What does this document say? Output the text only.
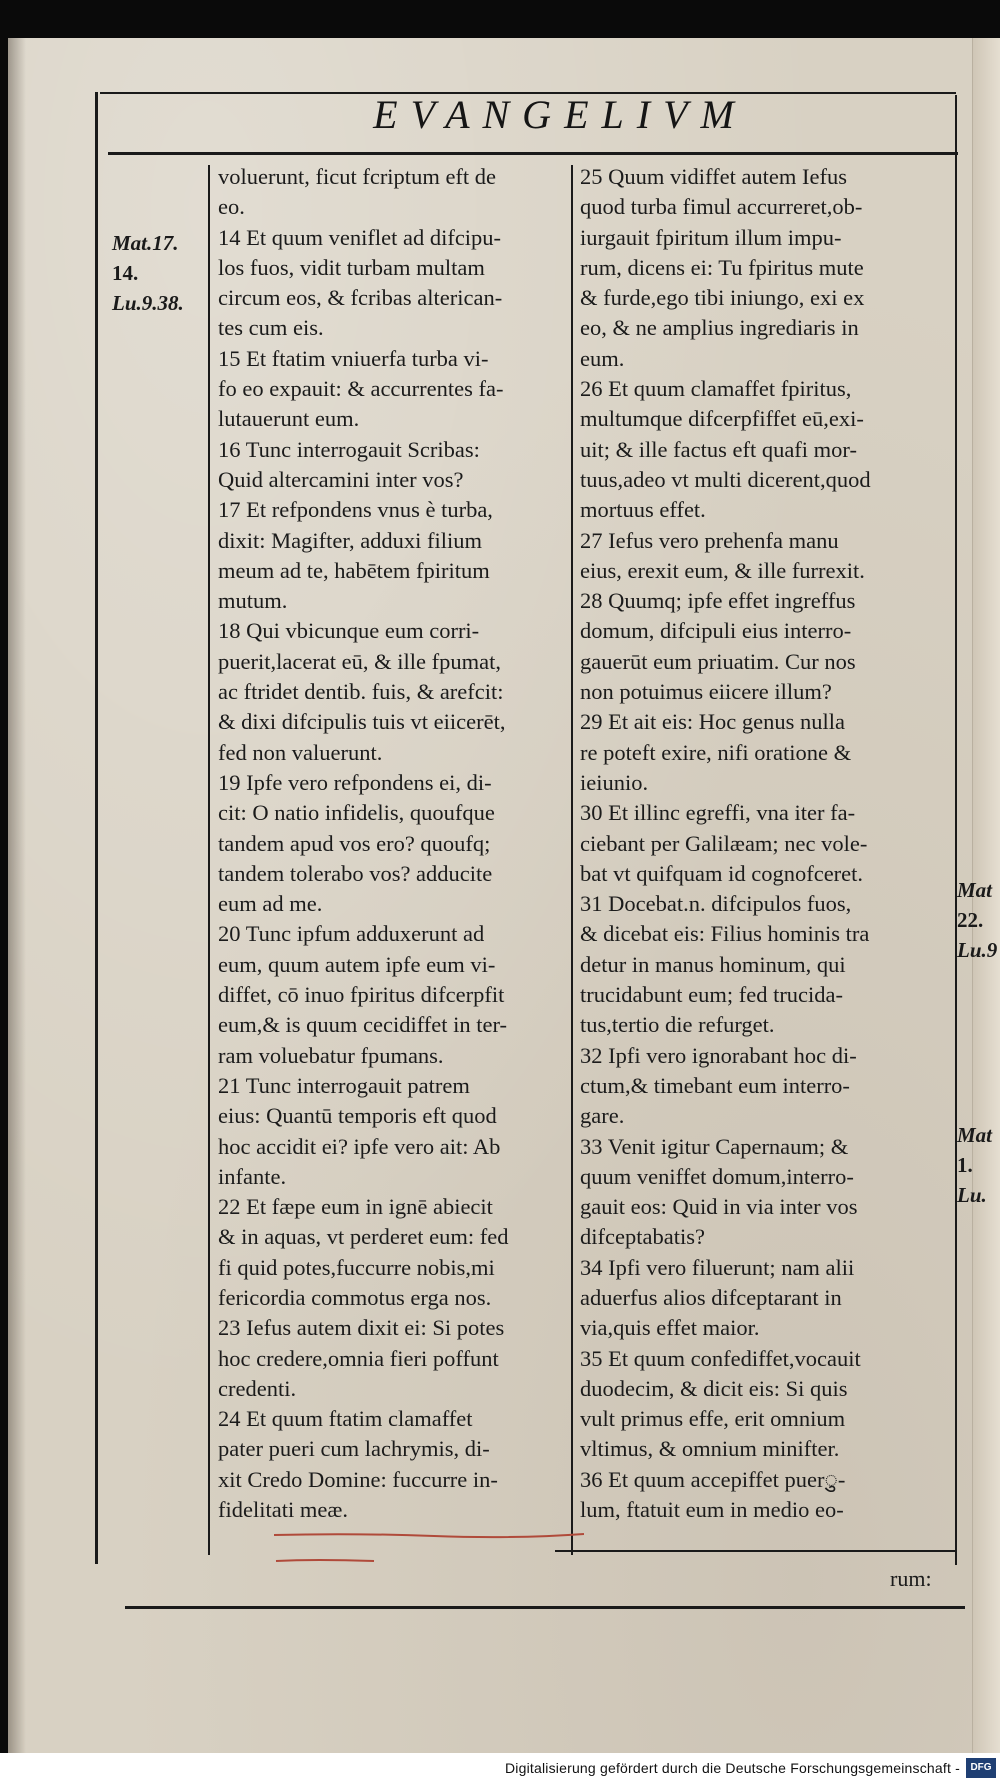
EVANGELIVM
Mat.17.
14.
Lu.9.38.
Mat
22.
Lu.9
Mat
1.
Lu.
voluerunt, ficut fcriptum eft de
eo.
14 Et quum veniflet ad difcipu-
los fuos, vidit turbam multam
circum eos, & fcribas alterican-
tes cum eis.
15 Et ftatim vniuerfa turba vi-
fo eo expauit: & accurrentes fa-
lutauerunt eum.
16 Tunc interrogauit Scribas:
Quid altercamini inter vos?
17 Et refpondens vnus è turba,
dixit: Magifter, adduxi filium
meum ad te, habētem fpiritum
mutum.
18 Qui vbicunque eum corri-
puerit,lacerat eū, & ille fpumat,
ac ftridet dentib. fuis, & arefcit:
& dixi difcipulis tuis vt eiicerēt,
fed non valuerunt.
19 Ipfe vero refpondens ei, di-
cit: O natio infidelis, quoufque
tandem apud vos ero? quoufq;
tandem tolerabo vos? adducite
eum ad me.
20 Tunc ipfum adduxerunt ad
eum, quum autem ipfe eum vi-
diffet, cō inuo fpiritus difcerpfit
eum,& is quum cecidiffet in ter-
ram voluebatur fpumans.
21 Tunc interrogauit patrem
eius: Quantū temporis eft quod
hoc accidit ei? ipfe vero ait: Ab
infante.
22 Et fæpe eum in ignē abiecit
& in aquas, vt perderet eum: fed
fi quid potes,fuccurre nobis,mi
fericordia commotus erga nos.
23 Iefus autem dixit ei: Si potes
hoc credere,omnia fieri poffunt
credenti.
24 Et quum ftatim clamaffet
pater pueri cum lachrymis, di-
xit Credo Domine: fuccurre in-
fidelitati meæ.
25 Quum vidiffet autem Iefus
quod turba fimul accurreret,ob-
iurgauit fpiritum illum impu-
rum, dicens ei: Tu fpiritus mute
& furde,ego tibi iniungo, exi ex
eo, & ne amplius ingrediaris in
eum.
26 Et quum clamaffet fpiritus,
multumque difcerpfiffet eū,exi-
uit; & ille factus eft quafi mor-
tuus,adeo vt multi dicerent,quod
mortuus effet.
27 Iefus vero prehenfa manu
eius, erexit eum, & ille furrexit.
28 Quumq; ipfe effet ingreffus
domum, difcipuli eius interro-
gauerūt eum priuatim. Cur nos
non potuimus eiicere illum?
29 Et ait eis: Hoc genus nulla
re poteft exire, nifi oratione &
ieiunio.
30 Et illinc egreffi, vna iter fa-
ciebant per Galilæam; nec vole-
bat vt quifquam id cognofceret.
31 Docebat.n. difcipulos fuos,
& dicebat eis: Filius hominis tra
detur in manus hominum, qui
trucidabunt eum; fed trucida-
tus,tertio die refurget.
32 Ipfi vero ignorabant hoc di-
ctum,& timebant eum interro-
gare.
33 Venit igitur Capernaum; &
quum veniffet domum,interro-
gauit eos: Quid in via inter vos
difceptabatis?
34 Ipfi vero filuerunt; nam alii
aduerfus alios difceptarant in
via,quis effet maior.
35 Et quum confediffet,vocauit
duodecim, & dicit eis: Si quis
vult primus effe, erit omnium
vltimus, & omnium minifter.
36 Et quum accepiffet puerु-
lum, ftatuit eum in medio eo-
rum:
Digitalisierung gefördert durch die Deutsche Forschungsgemeinschaft -	DFG
